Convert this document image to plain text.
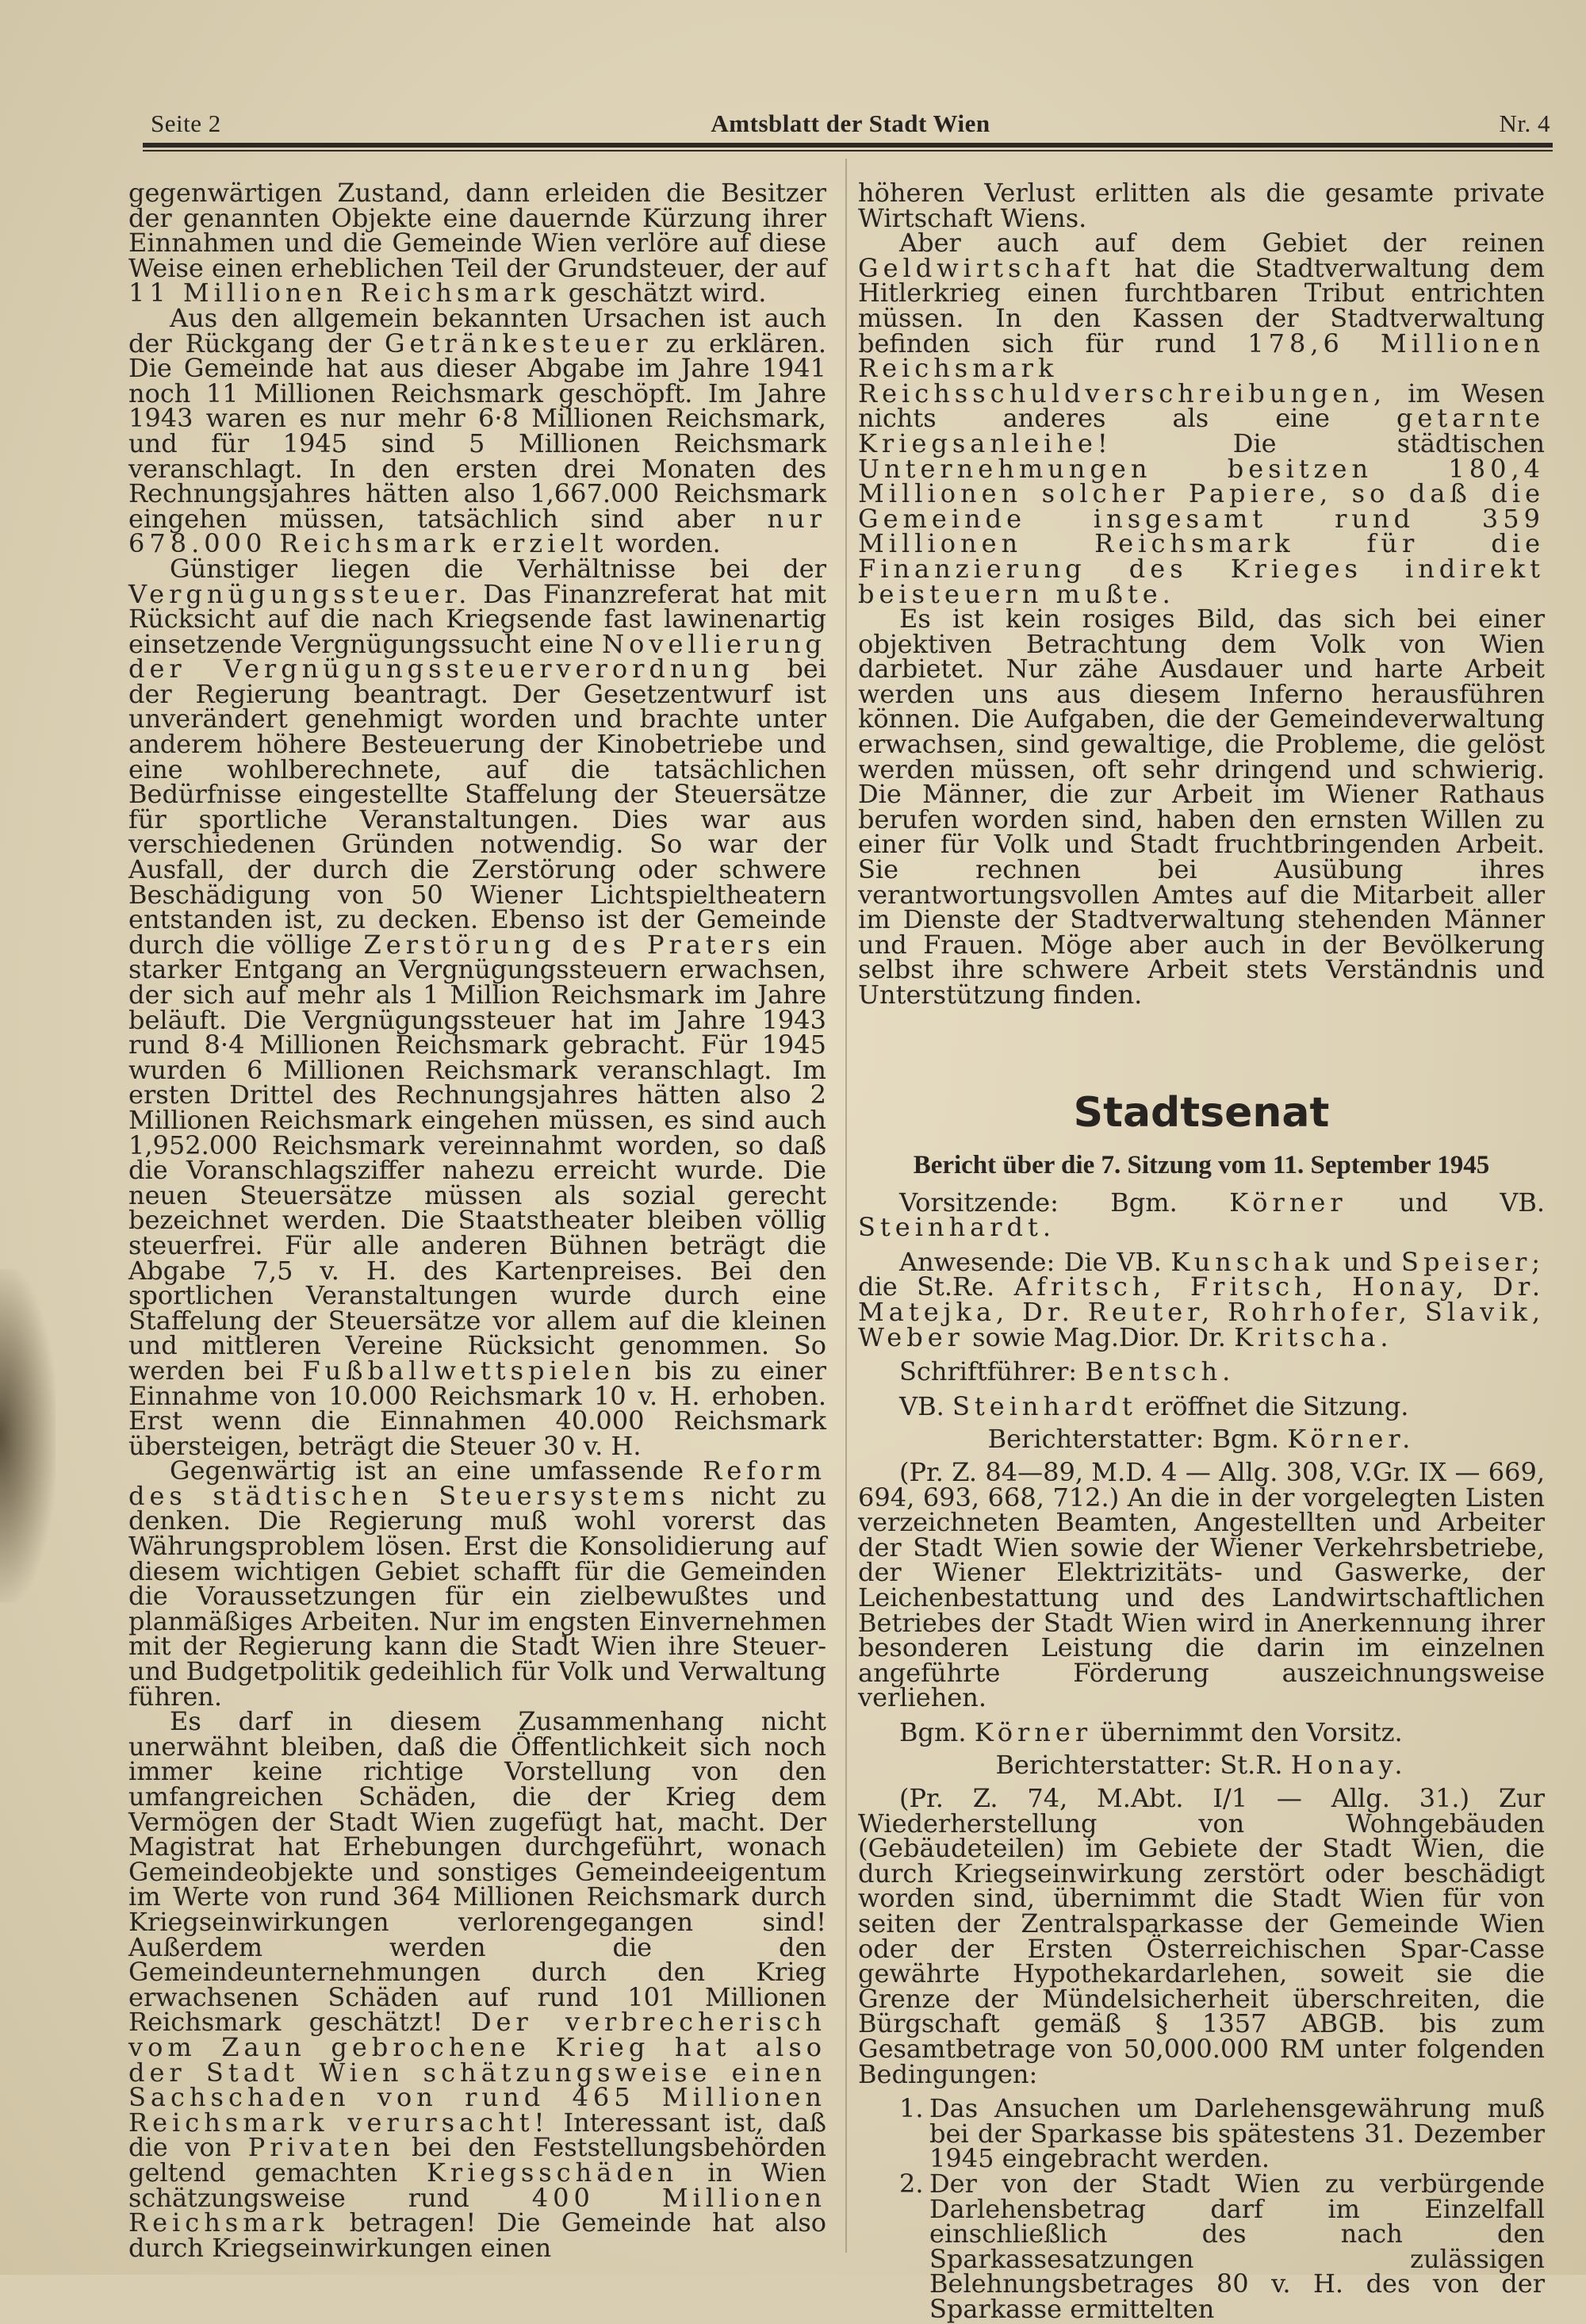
Seite 2	Amtsblatt der Stadt Wien	Nr. 4

gegenwärtigen Zustand, dann erleiden die Besitzer der genannten Objekte eine dauernde Kürzung ihrer Einnahmen und die Gemeinde Wien verlöre auf diese Weise einen erheblichen Teil der Grundsteuer, der auf 11 Millionen Reichsmark geschätzt wird.

Aus den allgemein bekannten Ursachen ist auch der Rückgang der Getränkesteuer zu erklären. Die Gemeinde hat aus dieser Abgabe im Jahre 1941 noch 11 Millionen Reichsmark geschöpft. Im Jahre 1943 waren es nur mehr 6·8 Millionen Reichsmark, und für 1945 sind 5 Millionen Reichsmark veranschlagt. In den ersten drei Monaten des Rechnungsjahres hätten also 1,667.000 Reichsmark eingehen müssen, tatsächlich sind aber nur 678.000 Reichsmark erzielt worden.

Günstiger liegen die Verhältnisse bei der Vergnügungssteuer. Das Finanzreferat hat mit Rücksicht auf die nach Kriegsende fast lawinenartig einsetzende Vergnügungssucht eine Novellierung der Vergnügungssteuerverordnung bei der Regierung beantragt. Der Gesetzentwurf ist unverändert genehmigt worden und brachte unter anderem höhere Besteuerung der Kinobetriebe und eine wohlberechnete, auf die tatsächlichen Bedürfnisse eingestellte Staffelung der Steuersätze für sportliche Veranstaltungen. Dies war aus verschiedenen Gründen notwendig. So war der Ausfall, der durch die Zerstörung oder schwere Beschädigung von 50 Wiener Lichtspieltheatern entstanden ist, zu decken. Ebenso ist der Gemeinde durch die völlige Zerstörung des Praters ein starker Entgang an Vergnügungssteuern erwachsen, der sich auf mehr als 1 Million Reichsmark im Jahre beläuft. Die Vergnügungssteuer hat im Jahre 1943 rund 8·4 Millionen Reichsmark gebracht. Für 1945 wurden 6 Millionen Reichsmark veranschlagt. Im ersten Drittel des Rechnungsjahres hätten also 2 Millionen Reichsmark eingehen müssen, es sind auch 1,952.000 Reichsmark vereinnahmt worden, so daß die Voranschlagsziffer nahezu erreicht wurde. Die neuen Steuersätze müssen als sozial gerecht bezeichnet werden. Die Staatstheater bleiben völlig steuerfrei. Für alle anderen Bühnen beträgt die Abgabe 7,5 v. H. des Kartenpreises. Bei den sportlichen Veranstaltungen wurde durch eine Staffelung der Steuersätze vor allem auf die kleinen und mittleren Vereine Rücksicht genommen. So werden bei Fußballwettspielen bis zu einer Einnahme von 10.000 Reichsmark 10 v. H. erhoben. Erst wenn die Einnahmen 40.000 Reichsmark übersteigen, beträgt die Steuer 30 v. H.

Gegenwärtig ist an eine umfassende Reform des städtischen Steuersystems nicht zu denken. Die Regierung muß wohl vorerst das Währungsproblem lösen. Erst die Konsolidierung auf diesem wichtigen Gebiet schafft für die Gemeinden die Voraussetzungen für ein zielbewußtes und planmäßiges Arbeiten. Nur im engsten Einvernehmen mit der Regierung kann die Stadt Wien ihre Steuer- und Budgetpolitik gedeihlich für Volk und Verwaltung führen.

Es darf in diesem Zusammenhang nicht unerwähnt bleiben, daß die Öffentlichkeit sich noch immer keine richtige Vorstellung von den umfangreichen Schäden, die der Krieg dem Vermögen der Stadt Wien zugefügt hat, macht. Der Magistrat hat Erhebungen durchgeführt, wonach Gemeindeobjekte und sonstiges Gemeindeeigentum im Werte von rund 364 Millionen Reichsmark durch Kriegseinwirkungen verlorengegangen sind! Außerdem werden die den Gemeindeunternehmungen durch den Krieg erwachsenen Schäden auf rund 101 Millionen Reichsmark geschätzt! Der verbrecherisch vom Zaun gebrochene Krieg hat also der Stadt Wien schätzungsweise einen Sachschaden von rund 465 Millionen Reichsmark verursacht! Interessant ist, daß die von Privaten bei den Feststellungsbehörden geltend gemachten Kriegsschäden in Wien schätzungsweise rund 400 Millionen Reichsmark betragen! Die Gemeinde hat also durch Kriegseinwirkungen einen

höheren Verlust erlitten als die gesamte private Wirtschaft Wiens.

Aber auch auf dem Gebiet der reinen Geldwirtschaft hat die Stadtverwaltung dem Hitlerkrieg einen furchtbaren Tribut entrichten müssen. In den Kassen der Stadtverwaltung befinden sich für rund 178,6 Millionen Reichsmark Reichsschuldverschreibungen, im Wesen nichts anderes als eine	getarnte Kriegsanleihe!	Die städtischen Unternehmungen besitzen 180,4 Millionen solcher Papiere, so daß die Gemeinde insgesamt rund 359 Millionen Reichsmark für die Finanzierung des Krieges indirekt beisteuern mußte.

Es ist kein rosiges Bild, das sich bei einer objektiven Betrachtung dem Volk von Wien darbietet. Nur zähe Ausdauer und harte Arbeit werden uns aus diesem Inferno herausführen können. Die Aufgaben, die der Gemeindeverwaltung erwachsen, sind gewaltige, die Probleme, die gelöst werden müssen, oft sehr dringend und schwierig. Die Männer, die zur Arbeit im Wiener Rathaus berufen worden sind, haben den ernsten Willen zu einer für Volk und Stadt fruchtbringenden Arbeit. Sie rechnen bei Ausübung ihres verantwortungsvollen Amtes auf die Mitarbeit aller im Dienste der Stadtverwaltung stehenden Männer und Frauen. Möge aber auch in der Bevölkerung selbst ihre schwere Arbeit stets Verständnis und Unterstützung finden.

Stadtsenat
Bericht über die 7. Sitzung vom 11. September 1945

Vorsitzende: Bgm. Körner und VB. Steinhardt.

Anwesende: Die VB. Kunschak und Speiser; die St.Re. Afritsch, Fritsch, Honay, Dr. Matejka, Dr. Reuter, Rohrhofer, Slavik, Weber sowie Mag.Dior. Dr. Kritscha.

Schriftführer: Bentsch.

VB. Steinhardt eröffnet die Sitzung.

Berichterstatter: Bgm. Körner.

(Pr. Z. 84—89, M.D. 4 — Allg. 308, V.Gr. IX — 669, 694, 693, 668, 712.) An die in der vorgelegten Listen verzeichneten Beamten, Angestellten und Arbeiter der Stadt Wien sowie der Wiener Verkehrsbetriebe, der Wiener Elektrizitäts- und Gaswerke, der Leichenbestattung und des Landwirtschaftlichen Betriebes der Stadt Wien wird in Anerkennung ihrer besonderen Leistung die darin im einzelnen angeführte Förderung auszeichnungsweise verliehen.

Bgm. Körner übernimmt den Vorsitz.

Berichterstatter: St.R. Honay.

(Pr. Z. 74, M.Abt. I/1 — Allg. 31.) Zur Wiederherstellung von Wohngebäuden (Gebäudeteilen) im Gebiete der Stadt Wien, die durch Kriegseinwirkung zerstört oder beschädigt worden sind, übernimmt die Stadt Wien für von seiten der Zentralsparkasse der Gemeinde Wien oder der Ersten Österreichischen Spar-Casse gewährte Hypothekardarlehen, soweit sie die Grenze der Mündelsicherheit überschreiten, die Bürgschaft gemäß § 1357 ABGB. bis zum Gesamtbetrage von 50,000.000 RM unter folgenden Bedingungen:

1. Das Ansuchen um Darlehensgewährung muß bei der Sparkasse bis spätestens 31. Dezember 1945 eingebracht werden.
2. Der von der Stadt Wien zu verbürgende Darlehensbetrag darf im Einzelfall einschließlich des nach den Sparkassesatzungen zulässigen Belehnungsbetrages 80 v. H. des von der Sparkasse ermittelten
